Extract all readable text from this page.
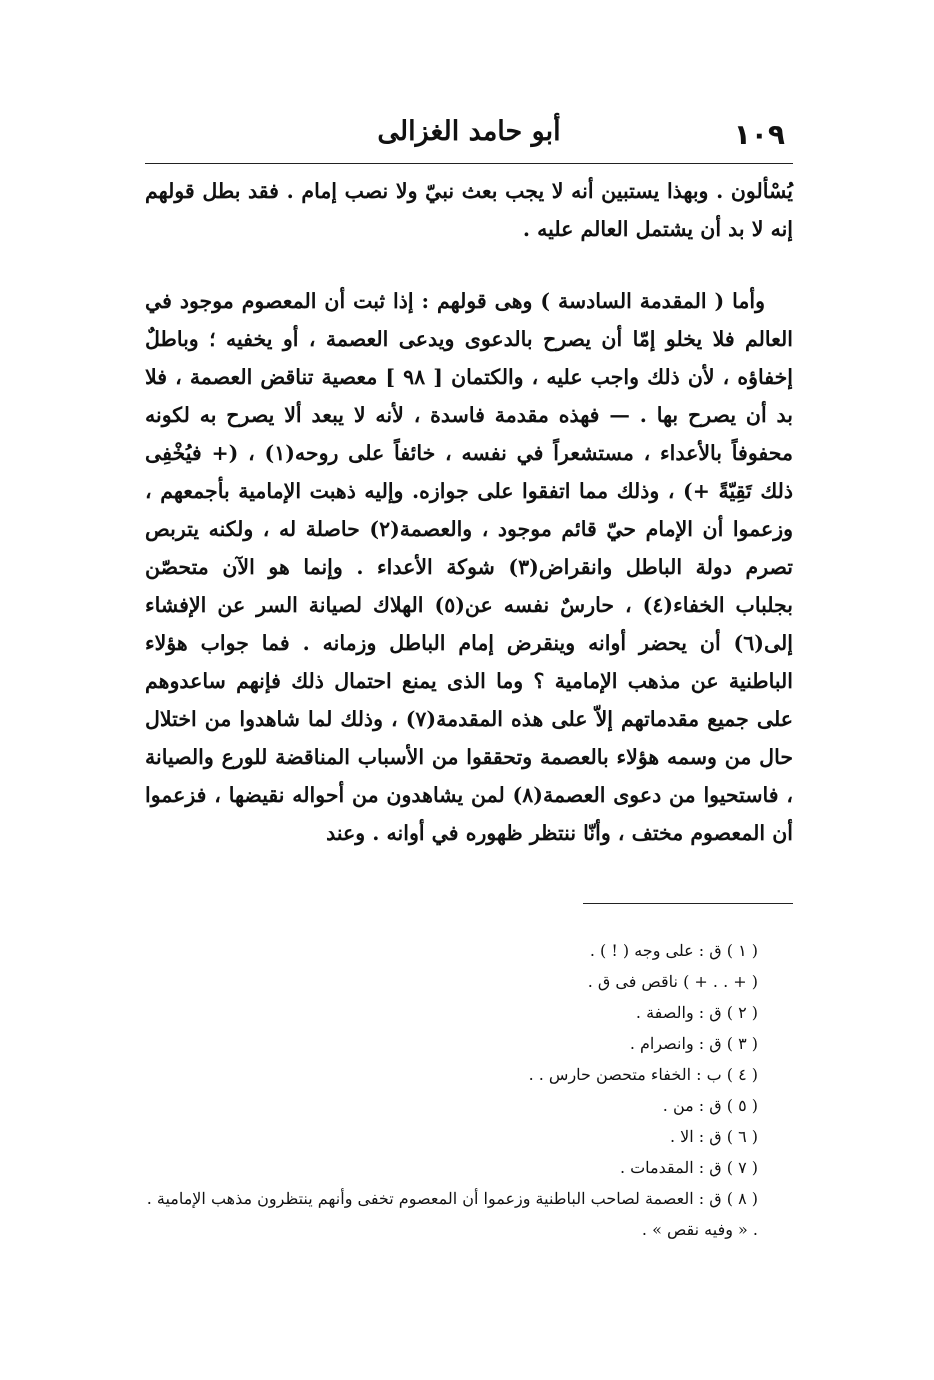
١٠٩
أبو حامد الغزالى

يُسْألون . وبهذا يستبين أنه لا يجب بعث نبيّ ولا نصب إمام . فقد بطل قولهم إنه لا بد أن يشتمل العالم عليه .

وأما ( المقدمة السادسة ) وهى قولهم : إذا ثبت أن المعصوم موجود في العالم فلا يخلو إمّا أن يصرح بالدعوى ويدعى العصمة ، أو يخفيه ؛ وباطلٌ إخفاؤه ، لأن ذلك واجب عليه ، والكتمان [ ٩٨ ] معصية تناقض العصمة ، فلا بد أن يصرح بها . — فهذه مقدمة فاسدة ، لأنه لا يبعد ألا يصرح به لكونه محفوفاً بالأعداء ، مستشعراً في نفسه ، خائفاً على روحه(١) ، (+ فيُخْفِى ذلك تَقِيّةً +) ، وذلك مما اتفقوا على جوازه. وإليه ذهبت الإمامية بأجمعهم ، وزعموا أن الإمام حيّ قائم موجود ، والعصمة(٢) حاصلة له ، ولكنه يتربص تصرم دولة الباطل وانقراض(٣) شوكة الأعداء . وإنما هو الآن متحصّن بجلباب الخفاء(٤) ، حارسٌ نفسه عن(٥) الهلاك لصيانة السر عن الإفشاء إلى(٦) أن يحضر أوانه وينقرض إمام الباطل وزمانه . فما جواب هؤلاء الباطنية عن مذهب الإمامية ؟ وما الذى يمنع احتمال ذلك فإنهم ساعدوهم على جميع مقدماتهم إلاّ على هذه المقدمة(٧) ، وذلك لما شاهدوا من اختلال حال من وسمه هؤلاء بالعصمة وتحققوا من الأسباب المناقضة للورع والصيانة ، فاستحيوا من دعوى العصمة(٨) لمن يشاهدون من أحواله نقيضها ، فزعموا أن المعصوم مختف ، وأنّا ننتظر ظهوره في أوانه . وعند

( ١ ) ق : على وجه ( ! ) .
( + . . + ) ناقص فى ق .
( ٢ ) ق : والصفة .
( ٣ ) ق : وانصرام .
( ٤ ) ب : الخفاء متحصن حارس . .
( ٥ ) ق : من .
( ٦ ) ق : الا .
( ٧ ) ق : المقدمات .
( ٨ ) ق : العصمة لصاحب الباطنية وزعموا أن المعصوم تخفى وأنهم ينتظرون مذهب الإمامية . . « وفيه نقص » .
